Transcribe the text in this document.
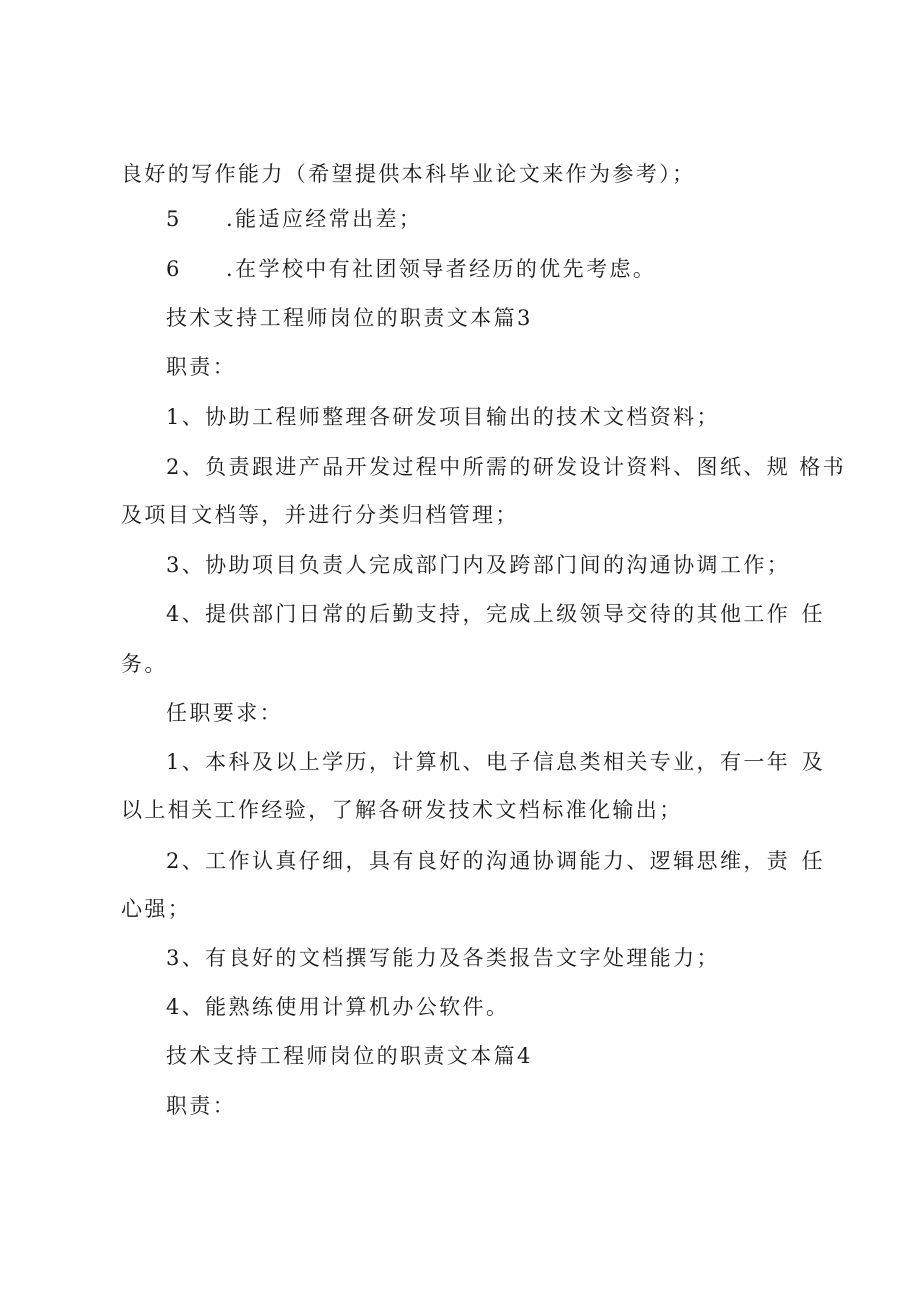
良好的写作能力（希望提供本科毕业论文来作为参考）；

5	.能适应经常出差；

6	.在学校中有社团领导者经历的优先考虑。

技术支持工程师岗位的职责文本篇3

职责：

1、协助工程师整理各研发项目输出的技术文档资料；

2、负责跟进产品开发过程中所需的研发设计资料、图纸、规 格书

及项目文档等，并进行分类归档管理；

3、协助项目负责人完成部门内及跨部门间的沟通协调工作；

4、提供部门日常的后勤支持，完成上级领导交待的其他工作 任

务。

任职要求：

1、本科及以上学历，计算机、电子信息类相关专业，有一年 及

以上相关工作经验，了解各研发技术文档标准化输出；

2、工作认真仔细，具有良好的沟通协调能力、逻辑思维，责 任

心强；

3、有良好的文档撰写能力及各类报告文字处理能力；

4、能熟练使用计算机办公软件。

技术支持工程师岗位的职责文本篇4

职责：
